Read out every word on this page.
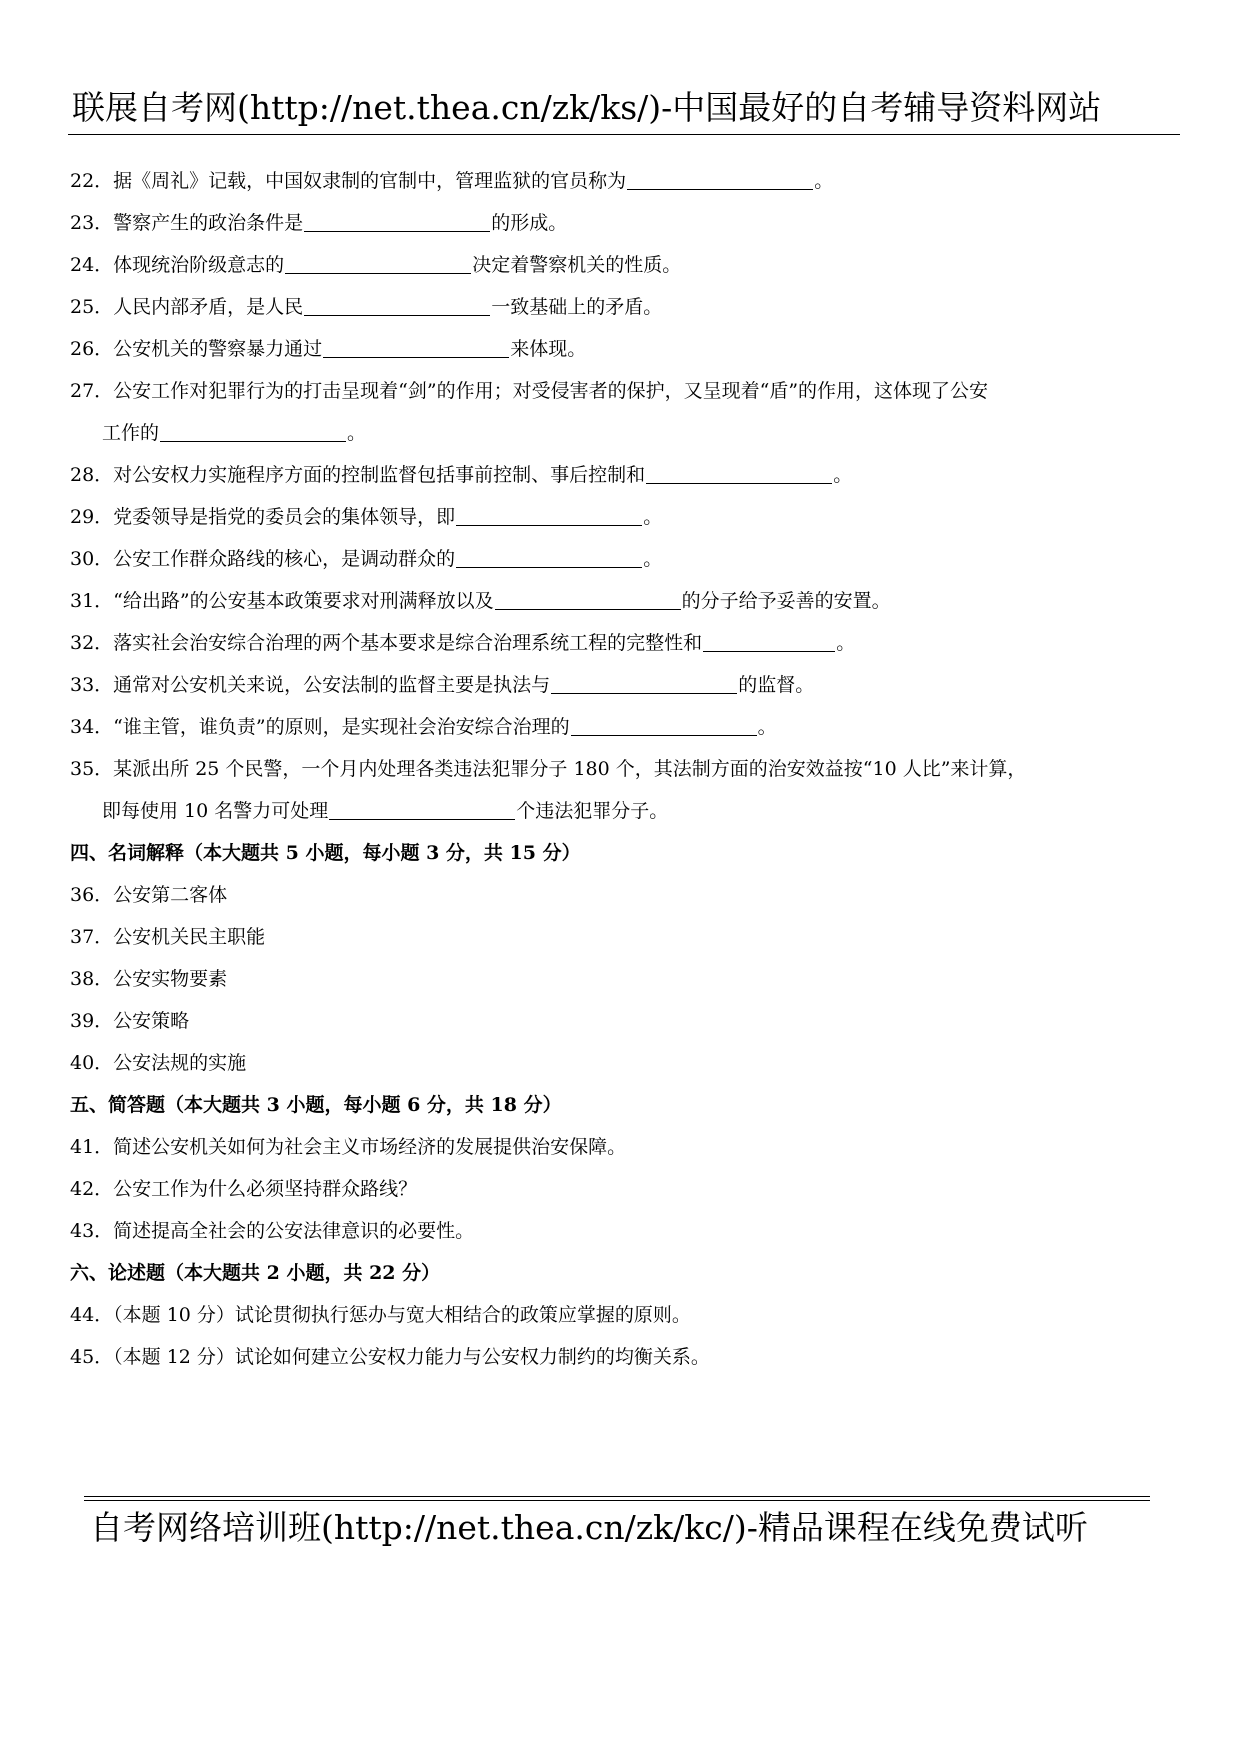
联展自考网(http://net.thea.cn/zk/ks/)-中国最好的自考辅导资料网站
22．据《周礼》记载，中国奴隶制的官制中，管理监狱的官员称为	。
23．警察产生的政治条件是	的形成。
24．体现统治阶级意志的	决定着警察机关的性质。
25．人民内部矛盾，是人民	一致基础上的矛盾。
26．公安机关的警察暴力通过	来体现。
27．公安工作对犯罪行为的打击呈现着“剑”的作用；对受侵害者的保护，又呈现着“盾”的作用，这体现了公安
工作的	。
28．对公安权力实施程序方面的控制监督包括事前控制、事后控制和	。
29．党委领导是指党的委员会的集体领导，即	。
30．公安工作群众路线的核心，是调动群众的	。
31．“给出路”的公安基本政策要求对刑满释放以及	的分子给予妥善的安置。
32．落实社会治安综合治理的两个基本要求是综合治理系统工程的完整性和	。
33．通常对公安机关来说，公安法制的监督主要是执法与	的监督。
34．“谁主管，谁负责”的原则，是实现社会治安综合治理的	。
35．某派出所 25 个民警，一个月内处理各类违法犯罪分子 180 个，其法制方面的治安效益按“10 人比”来计算，
即每使用 10 名警力可处理	个违法犯罪分子。
四、名词解释（本大题共 5 小题，每小题 3 分，共 15 分）
36．公安第二客体
37．公安机关民主职能
38．公安实物要素
39．公安策略
40．公安法规的实施
五、简答题（本大题共 3 小题，每小题 6 分，共 18 分）
41．简述公安机关如何为社会主义市场经济的发展提供治安保障。
42．公安工作为什么必须坚持群众路线？
43．简述提高全社会的公安法律意识的必要性。
六、论述题（本大题共 2 小题，共 22 分）
44．（本题 10 分）试论贯彻执行惩办与宽大相结合的政策应掌握的原则。
45．（本题 12 分）试论如何建立公安权力能力与公安权力制约的均衡关系。
自考网络培训班(http://net.thea.cn/zk/kc/)-精品课程在线免费试听
